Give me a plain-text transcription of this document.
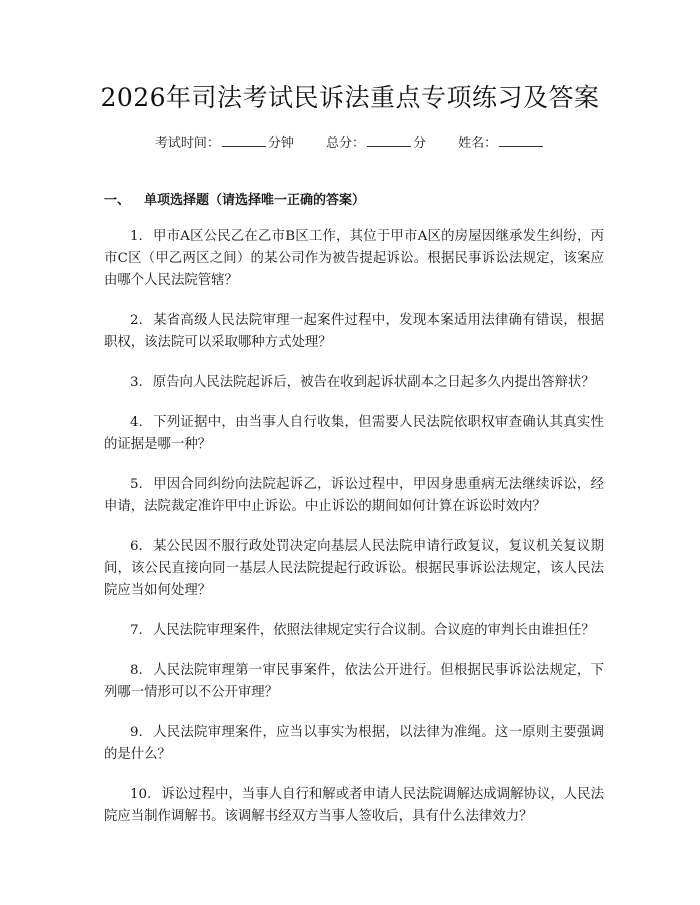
2026年司法考试民诉法重点专项练习及答案
考试时间：	分钟 总分：	分 姓名：
一、 单项选择题（请选择唯一正确的答案）

1. 甲市A区公民乙在乙市B区工作，其位于甲市A区的房屋因继承发生纠纷，丙市C区（甲乙两区之间）的某公司作为被告提起诉讼。根据民事诉讼法规定，该案应由哪个人民法院管辖？

2. 某省高级人民法院审理一起案件过程中，发现本案适用法律确有错误，根据职权，该法院可以采取哪种方式处理？

3. 原告向人民法院起诉后，被告在收到起诉状副本之日起多久内提出答辩状？

4. 下列证据中，由当事人自行收集，但需要人民法院依职权审查确认其真实性的证据是哪一种？

5. 甲因合同纠纷向法院起诉乙，诉讼过程中，甲因身患重病无法继续诉讼，经申请，法院裁定准许甲中止诉讼。中止诉讼的期间如何计算在诉讼时效内？

6. 某公民因不服行政处罚决定向基层人民法院申请行政复议，复议机关复议期间，该公民直接向同一基层人民法院提起行政诉讼。根据民事诉讼法规定，该人民法院应当如何处理？

7. 人民法院审理案件，依照法律规定实行合议制。合议庭的审判长由谁担任？

8. 人民法院审理第一审民事案件，依法公开进行。但根据民事诉讼法规定，下列哪一情形可以不公开审理？

9. 人民法院审理案件，应当以事实为根据，以法律为准绳。这一原则主要强调的是什么？

10. 诉讼过程中，当事人自行和解或者申请人民法院调解达成调解协议，人民法院应当制作调解书。该调解书经双方当事人签收后，具有什么法律效力？
